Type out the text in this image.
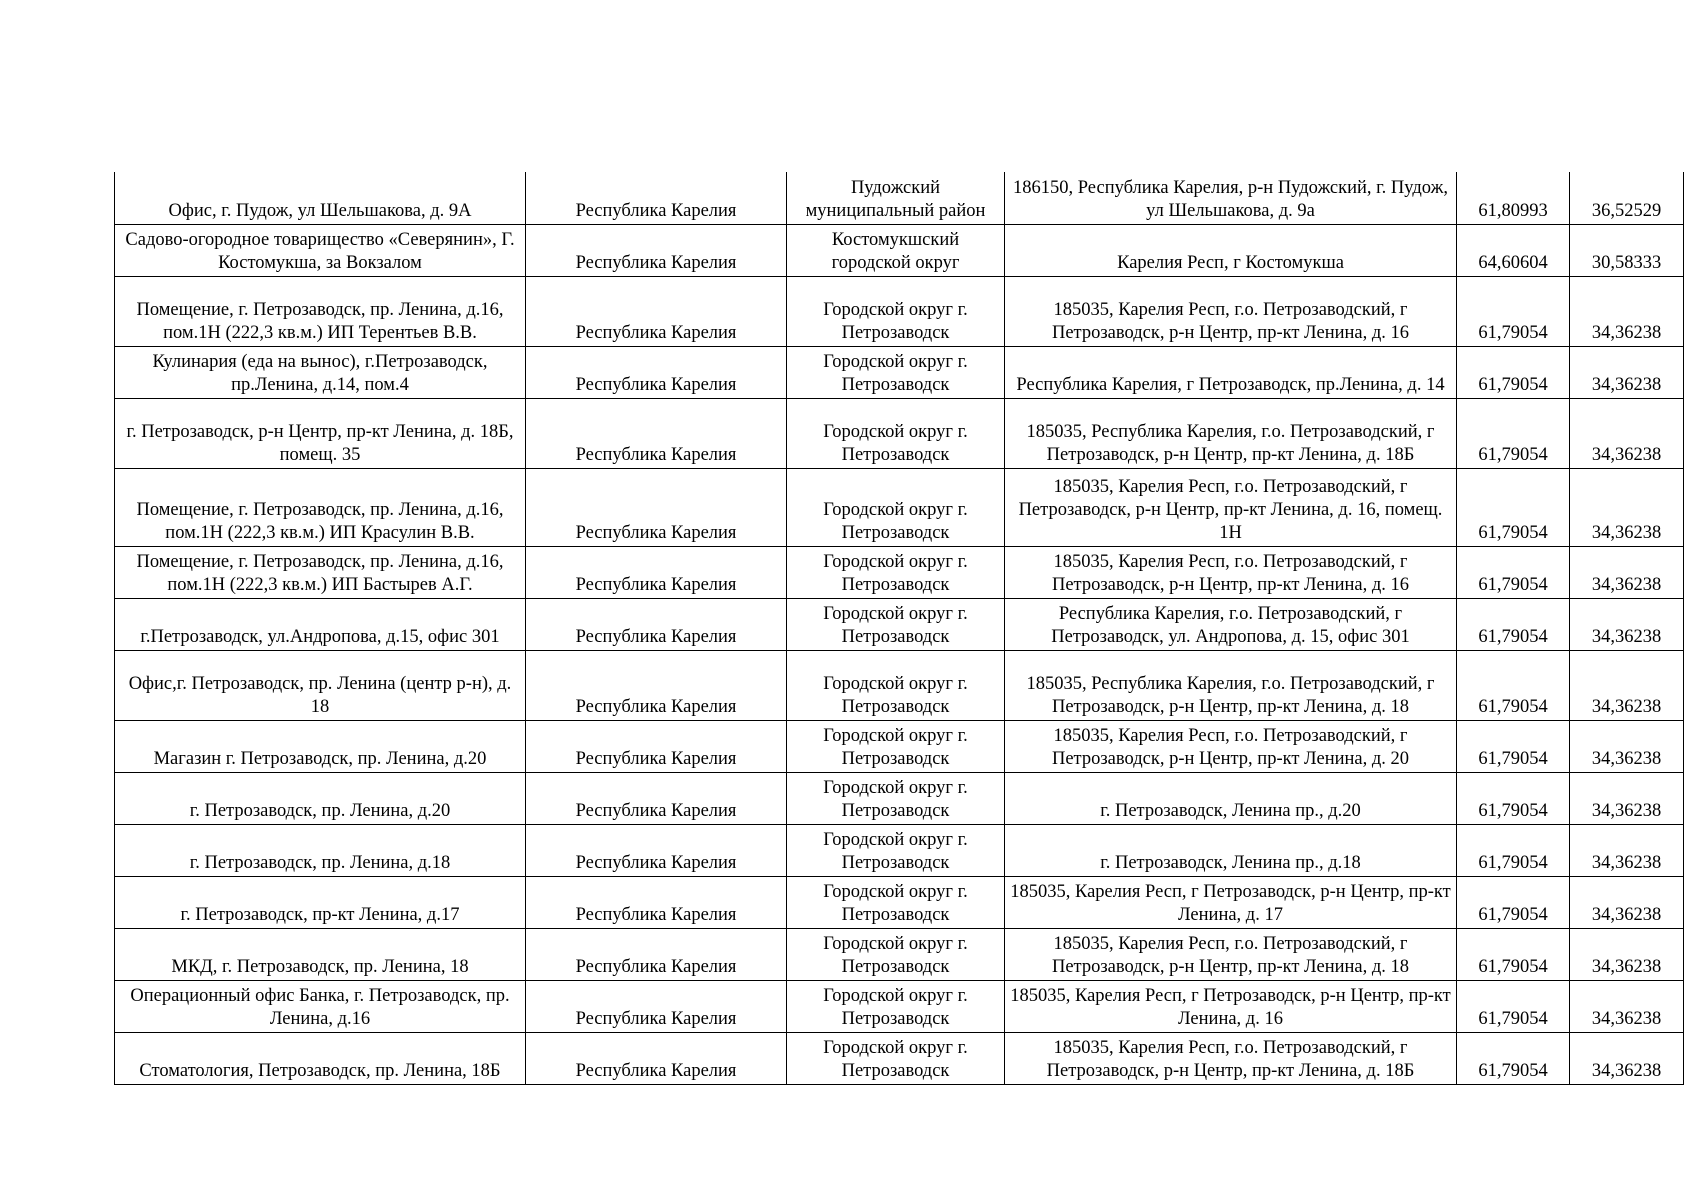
Офис, г. Пудож, ул Шельшакова, д. 9А	Республика Карелия	Пудожский муниципальный район	186150, Республика Карелия, р-н Пудожский, г. Пудож, ул Шельшакова, д. 9а	61,80993	36,52529
Садово-огородное товарищество «Северянин», Г. Костомукша, за Вокзалом	Республика Карелия	Костомукшский городской округ	Карелия Респ, г Костомукша	64,60604	30,58333
Помещение, г. Петрозаводск, пр. Ленина, д.16, пом.1Н (222,3 кв.м.) ИП Терентьев В.В.	Республика Карелия	Городской округ г. Петрозаводск	185035, Карелия Респ, г.о. Петрозаводский, г Петрозаводск, р-н Центр, пр-кт Ленина, д. 16	61,79054	34,36238
Кулинария (еда на вынос), г.Петрозаводск, пр.Ленина, д.14, пом.4	Республика Карелия	Городской округ г. Петрозаводск	Республика Карелия, г Петрозаводск, пр.Ленина, д. 14	61,79054	34,36238
г. Петрозаводск, р-н Центр, пр-кт Ленина, д. 18Б, помещ. 35	Республика Карелия	Городской округ г. Петрозаводск	185035, Республика Карелия, г.о. Петрозаводский, г Петрозаводск, р-н Центр, пр-кт Ленина, д. 18Б	61,79054	34,36238
Помещение, г. Петрозаводск, пр. Ленина, д.16, пом.1Н (222,3 кв.м.) ИП Красулин В.В.	Республика Карелия	Городской округ г. Петрозаводск	185035, Карелия Респ, г.о. Петрозаводский, г Петрозаводск, р-н Центр, пр-кт Ленина, д. 16, помещ. 1Н	61,79054	34,36238
Помещение, г. Петрозаводск, пр. Ленина, д.16, пом.1Н (222,3 кв.м.) ИП Бастырев А.Г.	Республика Карелия	Городской округ г. Петрозаводск	185035, Карелия Респ, г.о. Петрозаводский, г Петрозаводск, р-н Центр, пр-кт Ленина, д. 16	61,79054	34,36238
г.Петрозаводск, ул.Андропова, д.15, офис 301	Республика Карелия	Городской округ г. Петрозаводск	Республика Карелия, г.о. Петрозаводский, г Петрозаводск, ул. Андропова, д. 15, офис 301	61,79054	34,36238
Офис,г. Петрозаводск, пр. Ленина (центр р-н), д. 18	Республика Карелия	Городской округ г. Петрозаводск	185035, Республика Карелия, г.о. Петрозаводский, г Петрозаводск, р-н Центр, пр-кт Ленина, д. 18	61,79054	34,36238
Магазин г. Петрозаводск, пр. Ленина, д.20	Республика Карелия	Городской округ г. Петрозаводск	185035, Карелия Респ, г.о. Петрозаводский, г Петрозаводск, р-н Центр, пр-кт Ленина, д. 20	61,79054	34,36238
г. Петрозаводск, пр. Ленина, д.20	Республика Карелия	Городской округ г. Петрозаводск	г. Петрозаводск, Ленина пр., д.20	61,79054	34,36238
г. Петрозаводск, пр. Ленина, д.18	Республика Карелия	Городской округ г. Петрозаводск	г. Петрозаводск, Ленина пр., д.18	61,79054	34,36238
г. Петрозаводск, пр-кт Ленина, д.17	Республика Карелия	Городской округ г. Петрозаводск	185035, Карелия Респ, г Петрозаводск, р-н Центр, пр-кт Ленина, д. 17	61,79054	34,36238
МКД, г. Петрозаводск, пр. Ленина, 18	Республика Карелия	Городской округ г. Петрозаводск	185035, Карелия Респ, г.о. Петрозаводский, г Петрозаводск, р-н Центр, пр-кт Ленина, д. 18	61,79054	34,36238
Операционный офис Банка, г. Петрозаводск, пр. Ленина, д.16	Республика Карелия	Городской округ г. Петрозаводск	185035, Карелия Респ, г Петрозаводск, р-н Центр, пр-кт Ленина, д. 16	61,79054	34,36238
Стоматология, Петрозаводск, пр. Ленина, 18Б	Республика Карелия	Городской округ г. Петрозаводск	185035, Карелия Респ, г.о. Петрозаводский, г Петрозаводск, р-н Центр, пр-кт Ленина, д. 18Б	61,79054	34,36238
